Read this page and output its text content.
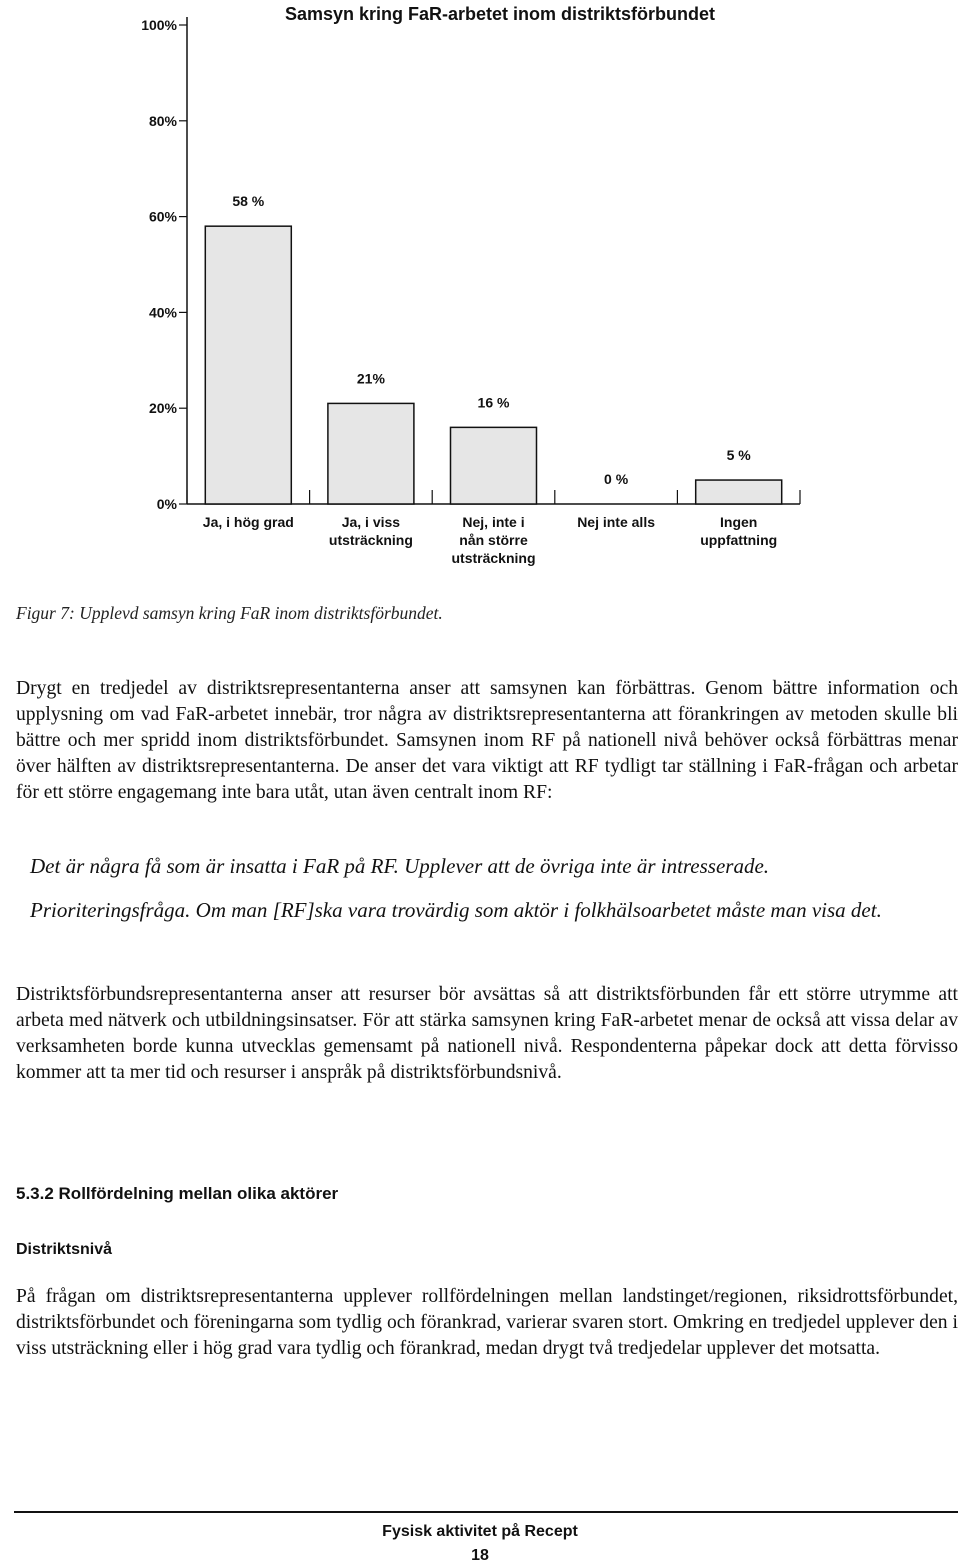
0%
20%
40%
60%
80%
100%
58 %
Ja, i hög grad
21%
Ja, i viss
utsträckning
16 %
Nej, inte i
nån större
utsträckning
0 %
Nej inte alls
5 %
Ingen
uppfattning
Samsyn kring FaR-arbetet inom distriktsförbundet

Figur 7: Upplevd samsyn kring FaR inom distriktsförbundet.

Drygt en tredjedel av distriktsrepresentanterna anser att samsynen kan förbättras. Genom bättre information och upplysning om vad FaR-arbetet innebär, tror några av distriktsrepresentanterna att förankringen av metoden skulle bli bättre och mer spridd inom distriktsförbundet. Samsynen inom RF på nationell nivå behöver också förbättras menar över hälften av distriktsrepresentanterna. De anser det vara viktigt att RF tydligt tar ställning i FaR-frågan och arbetar för ett större engagemang inte bara utåt, utan även centralt inom RF:

Det är några få som är insatta i FaR på RF. Upplever att de övriga inte är intresserade.

Prioriteringsfråga. Om man [RF]ska vara trovärdig som aktör i folkhälsoarbetet måste man visa det.

Distriktsförbundsrepresentanterna anser att resurser bör avsättas så att distriktsförbunden får ett större utrymme att arbeta med nätverk och utbildningsinsatser. För att stärka samsynen kring FaR-arbetet menar de också att vissa delar av verksamheten borde kunna utvecklas gemensamt på nationell nivå. Respondenterna påpekar dock att detta förvisso kommer att ta mer tid och resurser i anspråk på distriktsförbundsnivå.

5.3.2 Rollfördelning mellan olika aktörer

Distriktsnivå

På frågan om distriktsrepresentanterna upplever rollfördelningen mellan landstinget/regionen, riksidrottsförbundet, distriktsförbundet och föreningarna som tydlig och förankrad, varierar svaren stort. Omkring en tredjedel upplever den i viss utsträckning eller i hög grad vara tydlig och förankrad, medan drygt två tredjedelar upplever det motsatta.

Fysisk aktivitet på Recept

18
